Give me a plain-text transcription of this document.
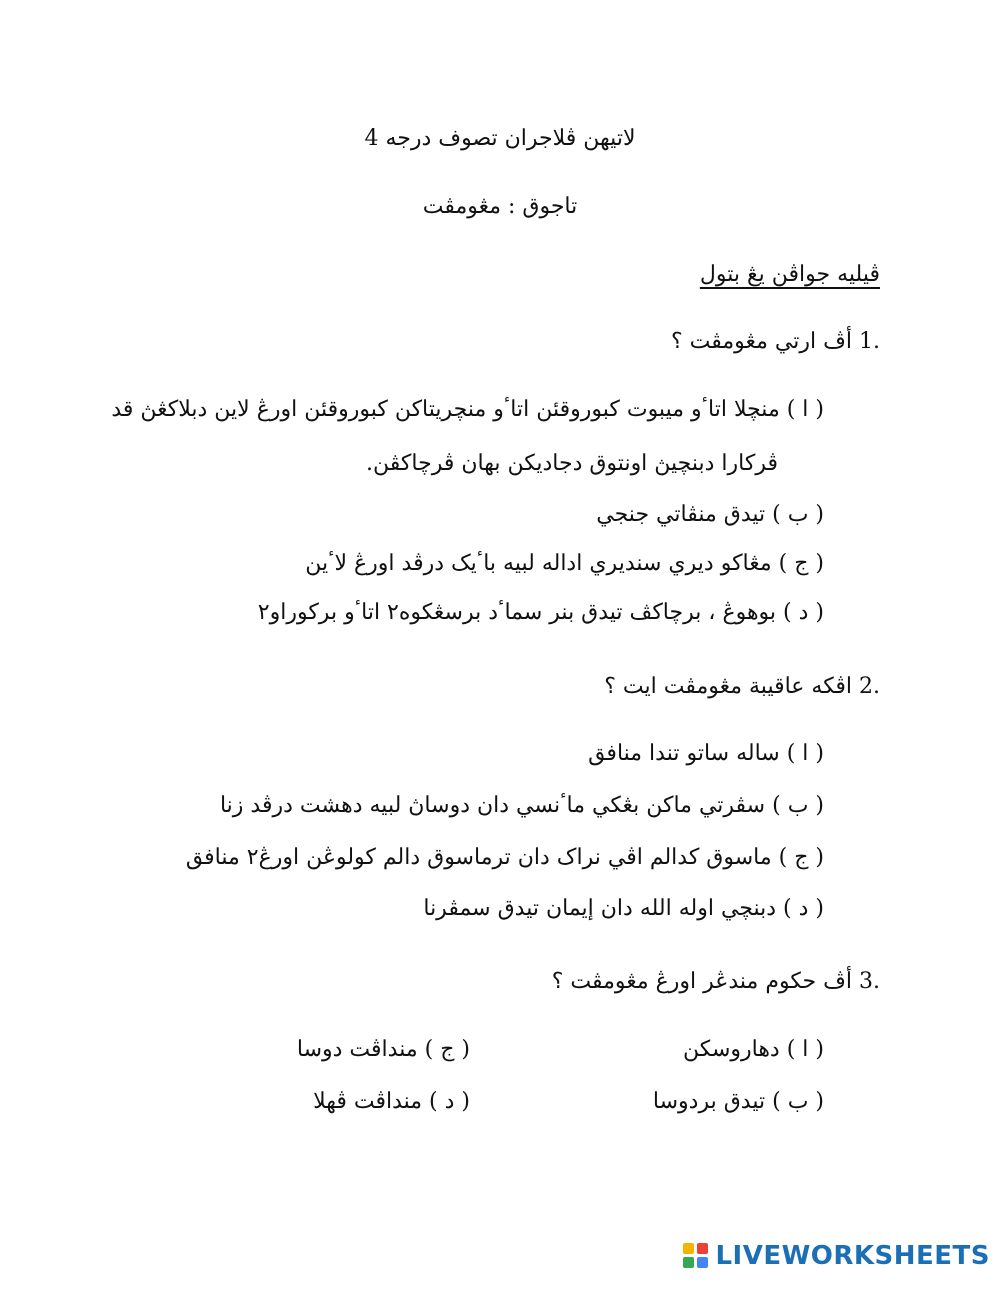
لاتيهن ڤلاجران تصوف درجه 4
تاجوق : مڠومڤت
ڤيليه جواڤن يڠ بتول
1. أڤ ارتي مڠومڤت ؟
( ا ) منچلا اتاٴو ميبوت كبوروقئن اتاٴو منچريتاكن كبوروقئن اورڠ لاين دبلاكڠڽ قد
ڤركارا دبنچيڽ اونتوق دجاديكن بهان ڤرچاكڤن.
( ب ) تيدق منڤاتي جنجي
( ج ) مڠاكو ديري سنديري اداله لبيه باٴيک درڤد اورڠ لاٴين
( د ) بوهوڠ ، برچاكڤ تيدق بنر سماٴد برسڠكوه٢ اتاٴو بركوراو٢
2. اڤكه عاقيبة مڠومڤت ايت ؟
( ا ) ساله ساتو تندا منافق
( ب ) سڤرتي ماكن بڠكي ماٴنسي دان دوساڽ لبيه دهشت درڤد زنا
( ج ) ماسوق كدالم اڤي نراک دان ترماسوق دالم كولوڠن اورڠ٢ منافق
( د ) دبنچي اوله الله دان إيمان تيدق سمڤرنا
3. أڤ حكوم مندڠر اورڠ مڠومڤت ؟
( ا ) دهاروسكن
( ج ) منداڤت دوسا
( ب ) تيدق بردوسا
( د ) منداڤت ڤهلا
LIVEWORKSHEETS
